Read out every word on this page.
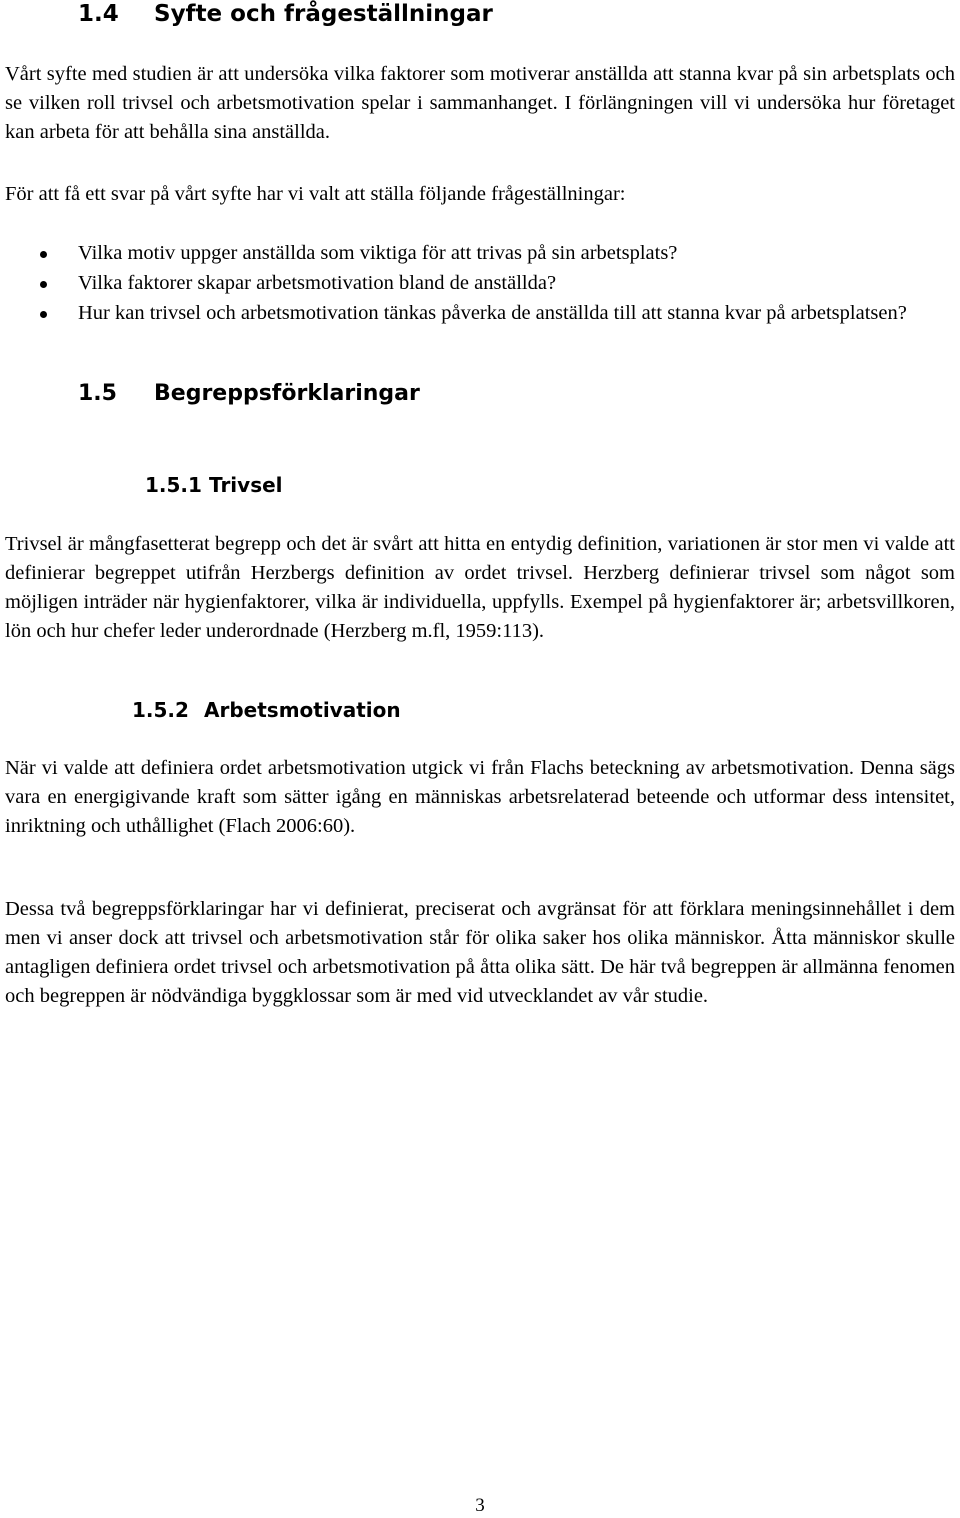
1.4 Syfte och frågeställningar

Vårt syfte med studien är att undersöka vilka faktorer som motiverar anställda att stanna kvar på sin arbetsplats och se vilken roll trivsel och arbetsmotivation spelar i sammanhanget. I förlängningen vill vi undersöka hur företaget kan arbeta för att behålla sina anställda.

För att få ett svar på vårt syfte har vi valt att ställa följande frågeställningar:

Vilka motiv uppger anställda som viktiga för att trivas på sin arbetsplats?
Vilka faktorer skapar arbetsmotivation bland de anställda?
Hur kan trivsel och arbetsmotivation tänkas påverka de anställda till att stanna kvar på arbetsplatsen?
1.5 Begreppsförklaringar
1.5.1 Trivsel

Trivsel är mångfasetterat begrepp och det är svårt att hitta en entydig definition, variationen är stor men vi valde att definierar begreppet utifrån Herzbergs definition av ordet trivsel. Herzberg definierar trivsel som något som möjligen inträder när hygienfaktorer, vilka är individuella, uppfylls. Exempel på hygienfaktorer är; arbetsvillkoren, lön och hur chefer leder underordnade (Herzberg m.fl, 1959:113).

1.5.2 Arbetsmotivation

När vi valde att definiera ordet arbetsmotivation utgick vi från Flachs beteckning av arbetsmotivation. Denna sägs vara en energigivande kraft som sätter igång en människas arbetsrelaterad beteende och utformar dess intensitet, inriktning och uthållighet (Flach 2006:60).

Dessa två begreppsförklaringar har vi definierat, preciserat och avgränsat för att förklara meningsinnehållet i dem men vi anser dock att trivsel och arbetsmotivation står för olika saker hos olika människor. Åtta människor skulle antagligen definiera ordet trivsel och arbetsmotivation på åtta olika sätt. De här två begreppen är allmänna fenomen och begreppen är nödvändiga byggklossar som är med vid utvecklandet av vår studie.

3
